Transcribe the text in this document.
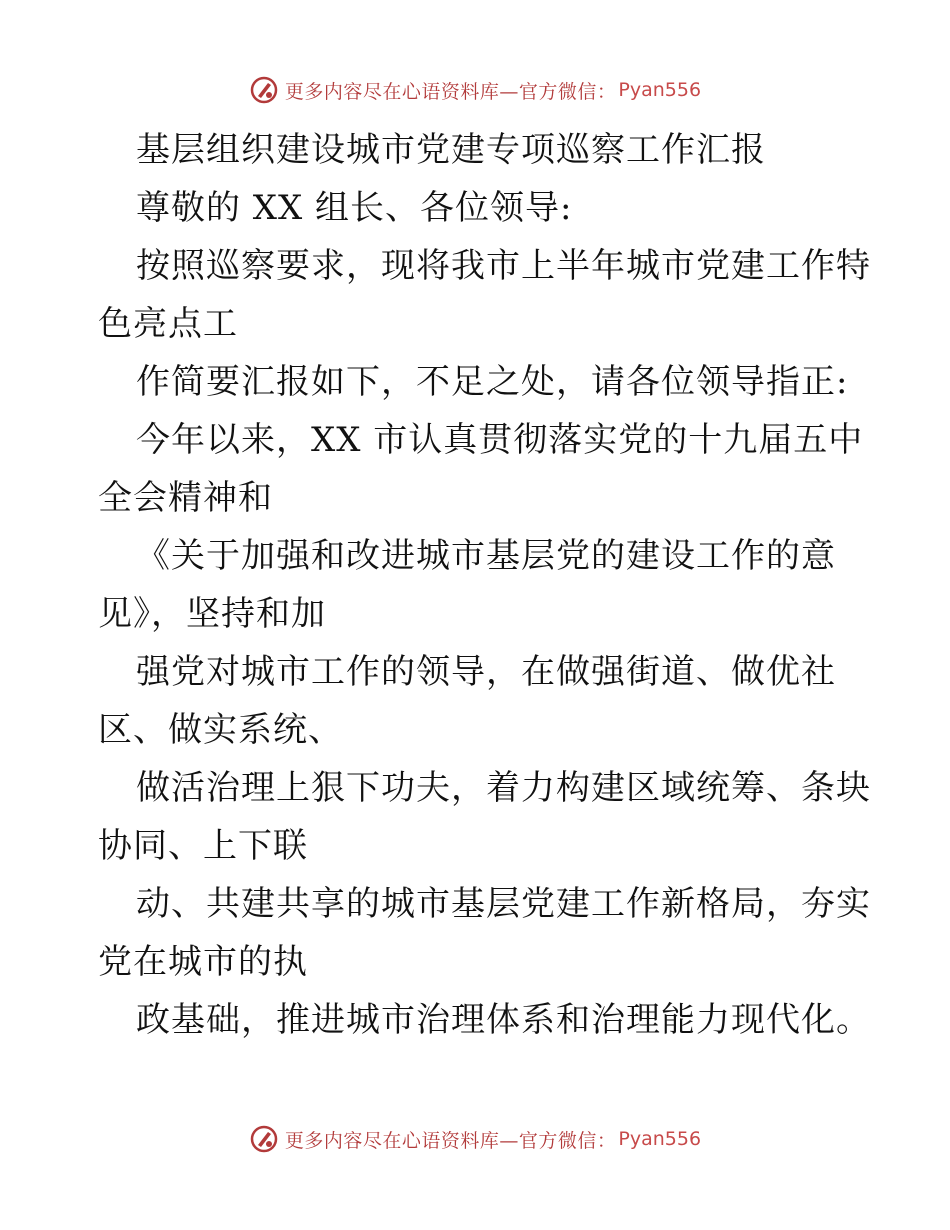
更多内容尽在心语资料库—官方微信： Pyan556
基层组织建设城市党建专项巡察工作汇报
尊敬的 XX 组长、各位领导:
按照巡察要求，现将我市上半年城市党建工作特
色亮点工
作简要汇报如下，不足之处，请各位领导指正:
今年以来，XX 市认真贯彻落实党的十九届五中
全会精神和
《关于加强和改进城市基层党的建设工作的意
见》，坚持和加
强党对城市工作的领导，在做强街道、做优社
区、做实系统、
做活治理上狠下功夫，着力构建区域统筹、条块
协同、上下联
动、共建共享的城市基层党建工作新格局，夯实
党在城市的执
政基础，推进城市治理体系和治理能力现代化。
更多内容尽在心语资料库—官方微信： Pyan556
